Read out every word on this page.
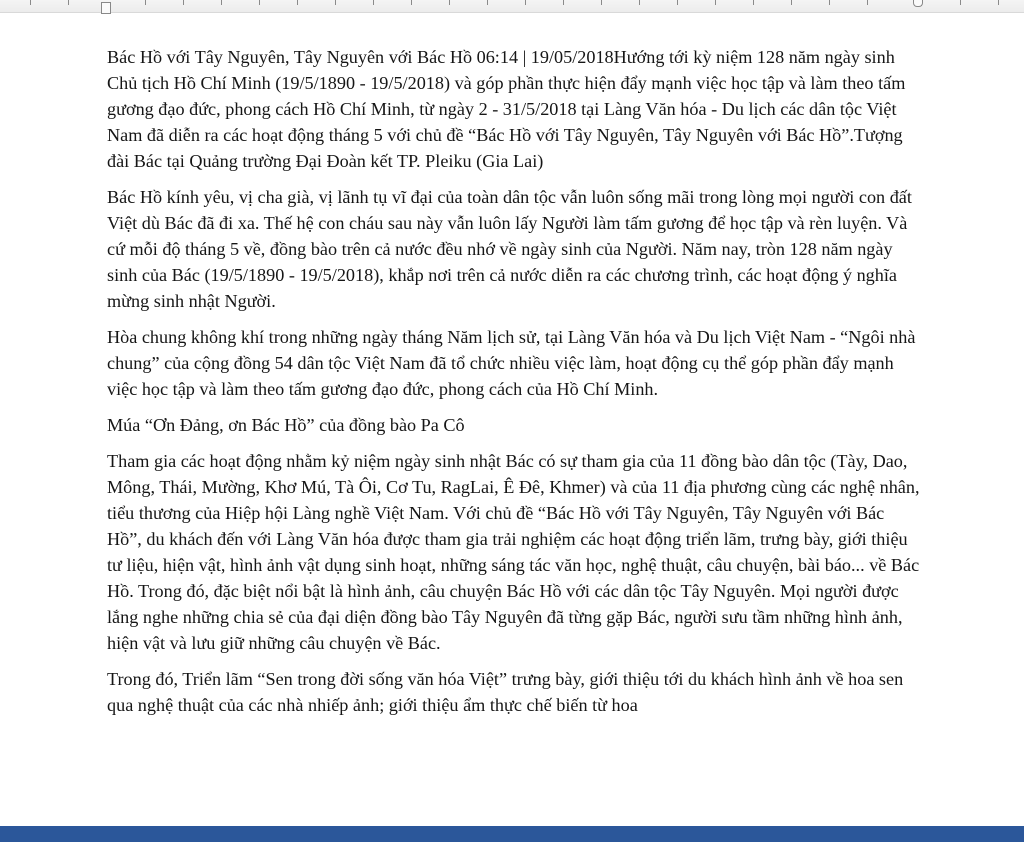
Bác Hồ với Tây Nguyên, Tây Nguyên với Bác Hồ 06:14 | 19/05/2018Hướng tới kỳ niệm 128 năm ngày sinh Chủ tịch Hồ Chí Minh (19/5/1890 - 19/5/2018) và góp phần thực hiện đẩy mạnh việc học tập và làm theo tấm gương đạo đức, phong cách Hồ Chí Minh, từ ngày 2 - 31/5/2018 tại Làng Văn hóa - Du lịch các dân tộc Việt Nam đã diễn ra các hoạt động tháng 5 với chủ đề “Bác Hồ với Tây Nguyên, Tây Nguyên với Bác Hồ”.Tượng đài Bác tại Quảng trường Đại Đoàn kết TP. Pleiku (Gia Lai)

Bác Hồ kính yêu, vị cha già, vị lãnh tụ vĩ đại của toàn dân tộc vẫn luôn sống mãi trong lòng mọi người con đất Việt dù Bác đã đi xa. Thế hệ con cháu sau này vẫn luôn lấy Người làm tấm gương để học tập và rèn luyện. Và cứ mỗi độ tháng 5 về, đồng bào trên cả nước đều nhớ về ngày sinh của Người. Năm nay, tròn 128 năm ngày sinh của Bác (19/5/1890 - 19/5/2018), khắp nơi trên cả nước diễn ra các chương trình, các hoạt động ý nghĩa mừng sinh nhật Người.

Hòa chung không khí trong những ngày tháng Năm lịch sử, tại Làng Văn hóa và Du lịch Việt Nam - “Ngôi nhà chung” của cộng đồng 54 dân tộc Việt Nam đã tổ chức nhiều việc làm, hoạt động cụ thể góp phần đẩy mạnh việc học tập và làm theo tấm gương đạo đức, phong cách của Hồ Chí Minh.

Múa “Ơn Đảng, ơn Bác Hồ” của đồng bào Pa Cô

Tham gia các hoạt động nhằm kỷ niệm ngày sinh nhật Bác có sự tham gia của 11 đồng bào dân tộc (Tày, Dao, Mông, Thái, Mường, Khơ Mú, Tà Ôi, Cơ Tu, RagLai, Ê Đê, Khmer) và của 11 địa phương cùng các nghệ nhân, tiểu thương của Hiệp hội Làng nghề Việt Nam. Với chủ đề “Bác Hồ với Tây Nguyên, Tây Nguyên với Bác Hồ”, du khách đến với Làng Văn hóa được tham gia trải nghiệm các hoạt động triển lãm, trưng bày, giới thiệu tư liệu, hiện vật, hình ảnh vật dụng sinh hoạt, những sáng tác văn học, nghệ thuật, câu chuyện, bài báo... về Bác Hồ. Trong đó, đặc biệt nổi bật là hình ảnh, câu chuyện Bác Hồ với các dân tộc Tây Nguyên. Mọi người được lắng nghe những chia sẻ của đại diện đồng bào Tây Nguyên đã từng gặp Bác, người sưu tầm những hình ảnh, hiện vật và lưu giữ những câu chuyện về Bác.

Trong đó, Triển lãm “Sen trong đời sống văn hóa Việt” trưng bày, giới thiệu tới du khách hình ảnh về hoa sen qua nghệ thuật của các nhà nhiếp ảnh; giới thiệu ẩm thực chế biến từ hoa
